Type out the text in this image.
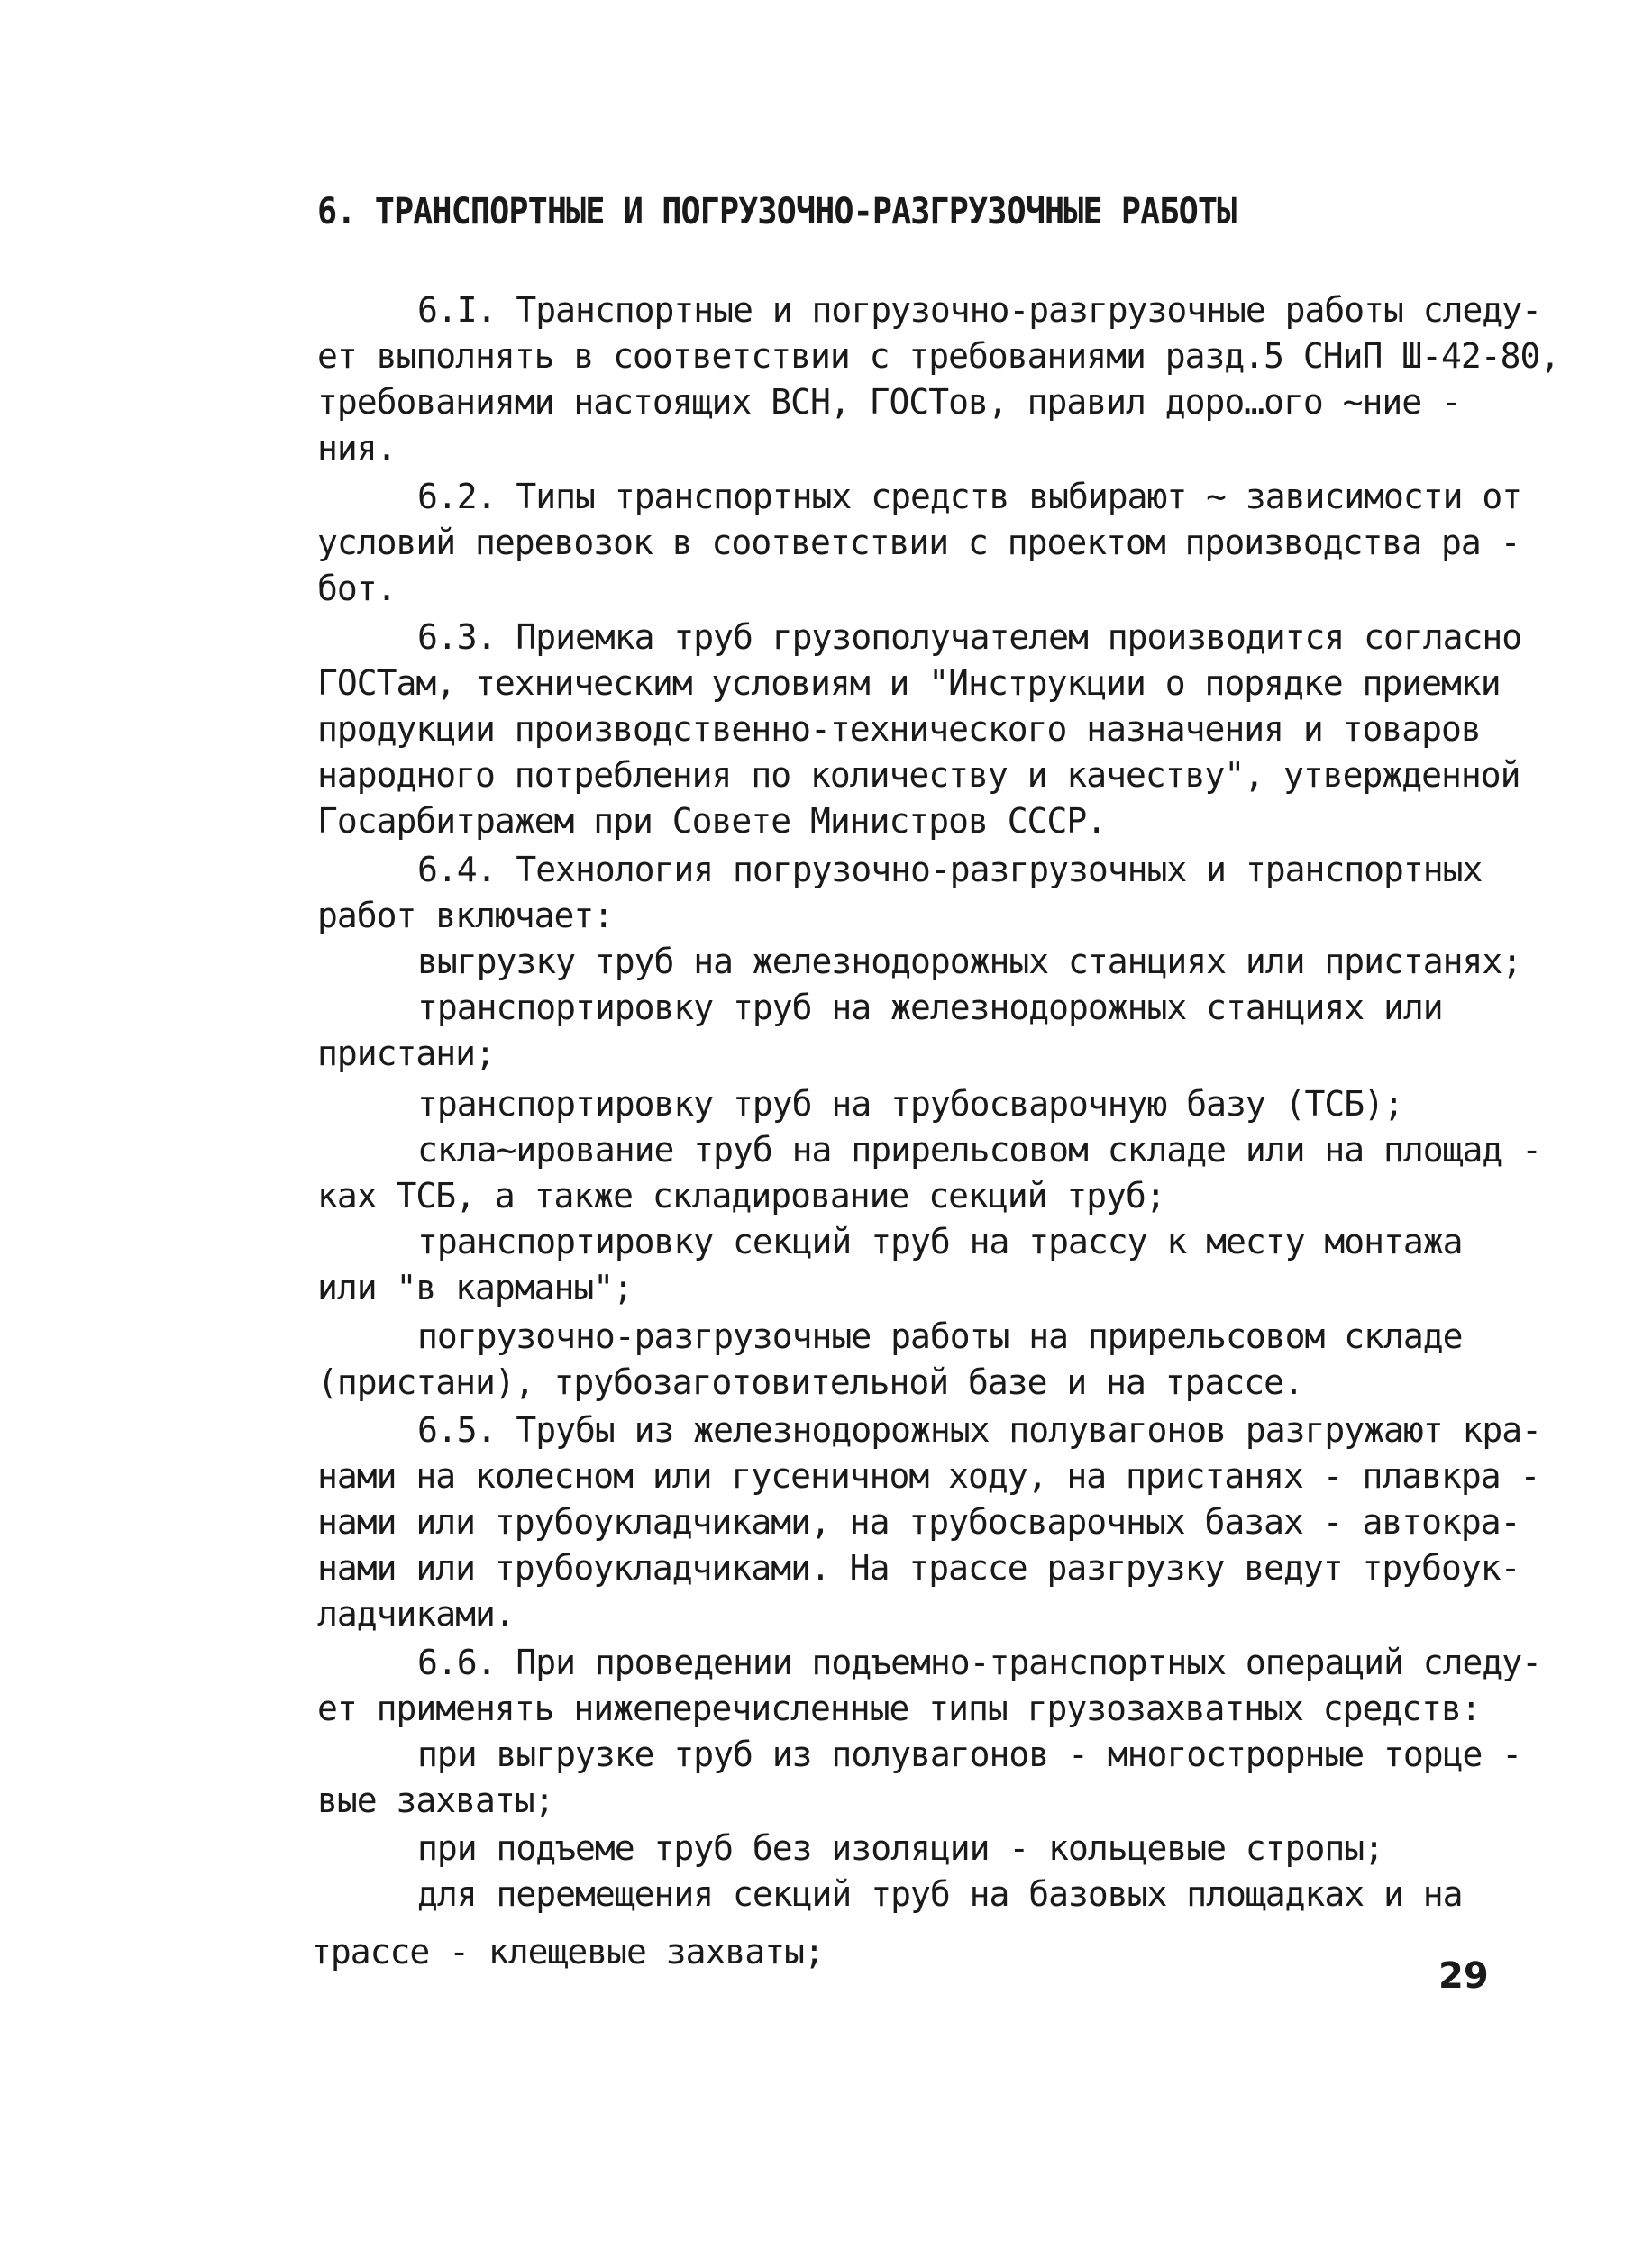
6. ТРАНСПОРТНЫЕ И ПОГРУЗОЧНО-РАЗГРУЗОЧНЫЕ РАБОТЫ
6.I. Транспортные и погрузочно-разгрузочные работы следу-
ет выполнять в соответствии с требованиями разд.5 СНиП Ш-42-80,
требованиями настоящих ВСН, ГОСТов, правил доро…ого ~ние -
ния.
6.2. Типы транспортных средств выбирают ~ зависимости от
условий перевозок в соответствии с проектом производства ра -
бот.
6.3. Приемка труб грузополучателем производится согласно
ГОСТам, техническим условиям и "Инструкции о порядке приемки
продукции производственно-технического назначения и товаров
народного потребления по количеству и качеству", утвержденной
Госарбитражем при Совете Министров СССР.
6.4. Технология погрузочно-разгрузочных и транспортных
работ включает:
выгрузку труб на железнодорожных станциях или пристанях;
транспортировку труб на железнодорожных станциях или
пристани;
транспортировку труб на трубосварочную базу (ТСБ);
скла~ирование труб на прирельсовом складе или на площад -
ках ТСБ, а также складирование секций труб;
транспортировку секций труб на трассу к месту монтажа
или "в карманы";
погрузочно-разгрузочные работы на прирельсовом складе
(пристани), трубозаготовительной базе и на трассе.
6.5. Трубы из железнодорожных полувагонов разгружают кра-
нами на колесном или гусеничном ходу, на пристанях - плавкра -
нами или трубоукладчиками, на трубосварочных базах - автокра-
нами или трубоукладчиками. На трассе разгрузку ведут трубоук-
ладчиками.
6.6. При проведении подъемно-транспортных операций следу-
ет применять нижеперечисленные типы грузозахватных средств:
при выгрузке труб из полувагонов - многострорные торце -
вые захваты;
при подъеме труб без изоляции - кольцевые стропы;
для перемещения секций труб на базовых площадках и на
трассе - клещевые захваты;
29
